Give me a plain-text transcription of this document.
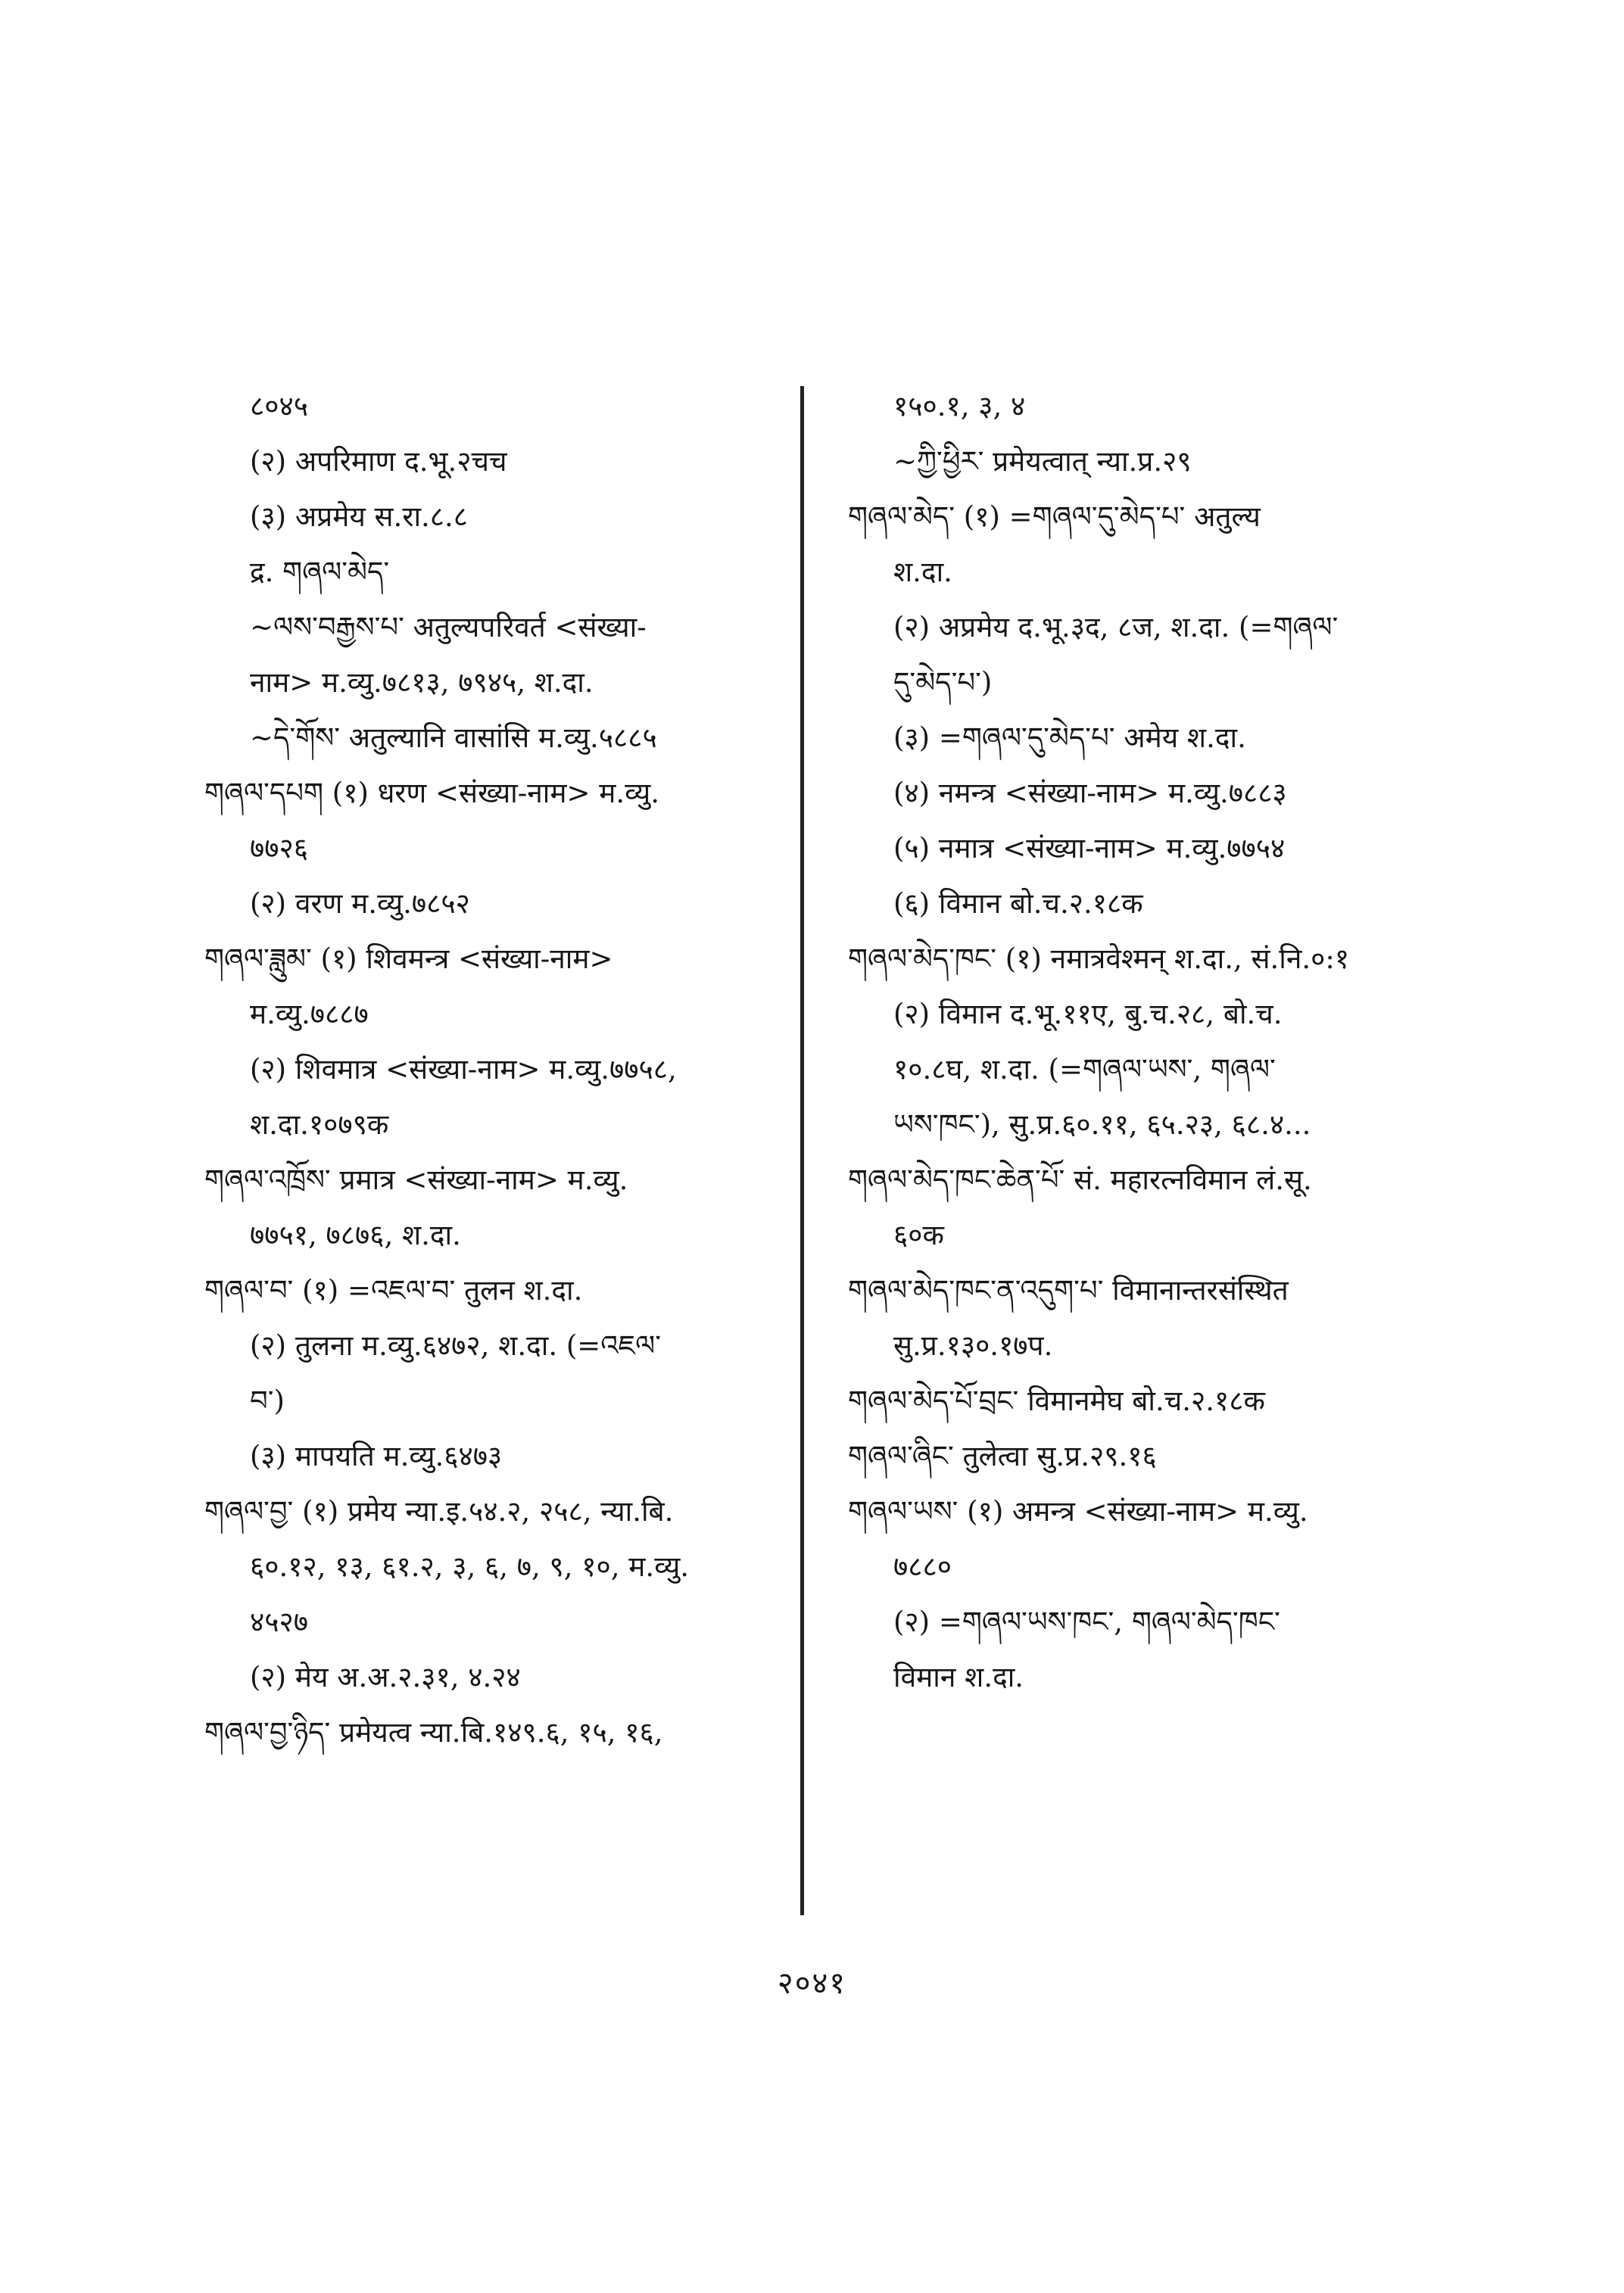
८०४५
(२) अपरिमाण द.भू.२चच
(३) अप्रमेय स.रा.८.८
द्र. གཞལ་མེད་
~ལས་བརྒྱས་པ་ अतुल्यपरिवर्त <संख्या-
नाम> म.व्यु.७८१३, ७९४५, श.दा.
~དེ་གོས་ अतुल्यानि वासांसि म.व्यु.५८८५
གཞལ་དཔག (१) धरण <संख्या-नाम> म.व्यु.
७७२६
(२) वरण म.व्यु.७८५२
གཞལ་ཟླུམ་ (१) शिवमन्त्र <संख्या-नाम>
म.व्यु.७८८७
(२) शिवमात्र <संख्या-नाम> म.व्यु.७७५८,
श.दा.१०७९क
གཞལ་འཁྲོས་ प्रमात्र <संख्या-नाम> म.व्यु.
७७५१, ७८७६, श.दा.
གཞལ་བ་ (१) =འཇལ་བ་ तुलन श.दा.
(२) तुलना म.व्यु.६४७२, श.दा. (=འཇལ་
བ་)
(३) मापयति म.व्यु.६४७३
གཞལ་བྱ་ (१) प्रमेय न्या.इ.५४.२, २५८, न्या.बि.
६०.१२, १३, ६१.२, ३, ६, ७, ९, १०, म.व्यु.
४५२७
(२) मेय अ.अ.२.३१, ४.२४
གཞལ་བྱ་ཉིད་ प्रमेयत्व न्या.बि.१४९.६, १५, १६,
१५०.१, ३, ४
~ཀྱི་ཕྱིར་ प्रमेयत्वात् न्या.प्र.२९
གཞལ་མེད་ (१) =གཞལ་དུ་མེད་པ་ अतुल्य
श.दा.
(२) अप्रमेय द.भू.३द, ८ज, श.दा. (=གཞལ་
དུ་མེད་པ་)
(३) =གཞལ་དུ་མེད་པ་ अमेय श.दा.
(४) नमन्त्र <संख्या-नाम> म.व्यु.७८८३
(५) नमात्र <संख्या-नाम> म.व्यु.७७५४
(६) विमान बो.च.२.१८क
གཞལ་མེད་ཁང་ (१) नमात्रवेश्मन् श.दा., सं.नि.०:१
(२) विमान द.भू.११ए, बु.च.२८, बो.च.
१०.८घ, श.दा. (=གཞལ་ཡས་, གཞལ་
ཡས་ཁང་), सु.प्र.६०.११, ६५.२३, ६८.४...
གཞལ་མེད་ཁང་ཆེན་པོ་ सं. महारत्नविमान लं.सू.
६०क
གཞལ་མེད་ཁང་ན་འདུག་པ་ विमानान्तरसंस्थित
सु.प्र.१३०.१७प.
གཞལ་མེད་པོ་བྲང་ विमानमेघ बो.च.२.१८क
གཞལ་ཞིང་ तुलेत्वा सु.प्र.२९.१६
གཞལ་ཡས་ (१) अमन्त्र <संख्या-नाम> म.व्यु.
७८८०
(२) =གཞལ་ཡས་ཁང་, གཞལ་མེད་ཁང་
विमान श.दा.
२०४१
